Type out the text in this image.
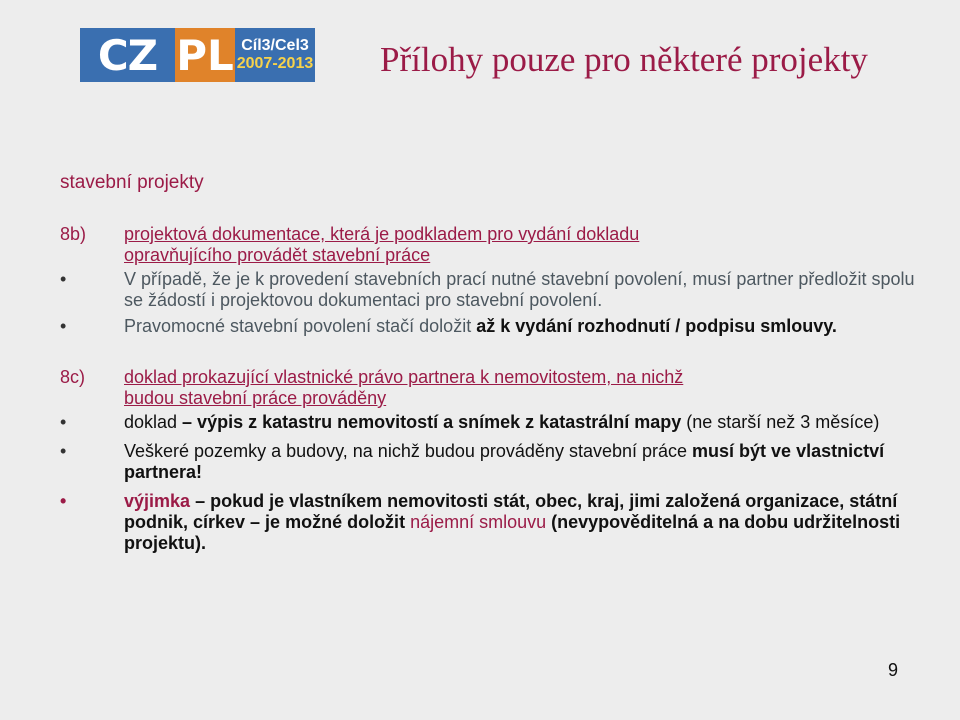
CZ PL Cíl3/Cel3
2007-2013 Přílohy pouze pro některé projekty
stavební projekty
8b)	projektová dokumentace, která je podkladem pro vydání dokladu
opravňujícího provádět stavební práce
•
V případě, že je k provedení stavebních prací nutné stavební povolení, musí partner předložit spolu se žádostí i projektovou dokumentaci pro stavební povolení.
•
Pravomocné stavební povolení stačí doložit až k vydání rozhodnutí / podpisu smlouvy.
8c)	doklad prokazující vlastnické právo partnera k nemovitostem, na nichž
budou stavební práce prováděny
•
doklad – výpis z katastru nemovitostí a snímek z katastrální mapy (ne starší než 3 měsíce)
•
Veškeré pozemky a budovy, na nichž budou prováděny stavební práce musí být ve vlastnictví partnera!
•
výjimka – pokud je vlastníkem nemovitosti stát, obec, kraj, jimi založená organizace, státní podnik, církev – je možné doložit nájemní smlouvu (nevypověditelná a na dobu udržitelnosti projektu).
9
